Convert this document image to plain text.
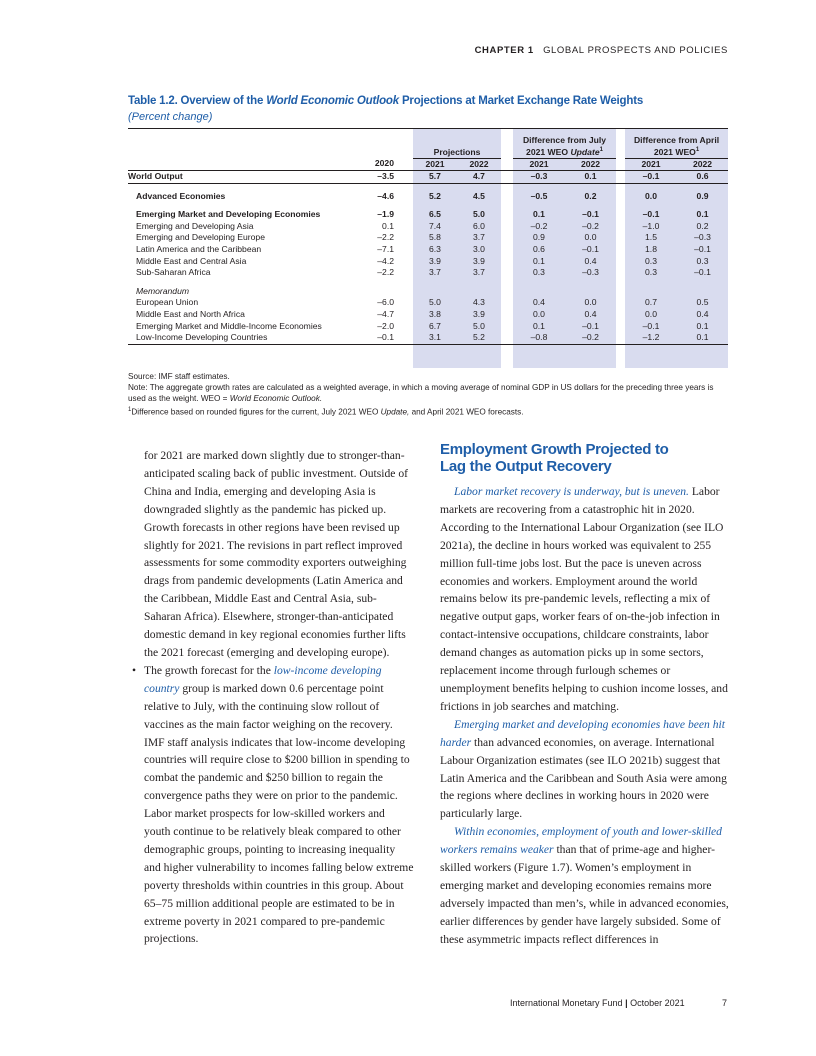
CHAPTER 1 GLOBAL PROSPECTS AND POLICIES
Table 1.2. Overview of the World Economic Outlook Projections at Market Exchange Rate Weights
(Percent change)
			Projections			Difference from July
2021 WEO Update$^1$			Difference from April
2021 WEO$^1$
	2020		2021	2022		2021	2022		2021	2022
World Output	–3.5		5.7	4.7		–0.3	0.1		–0.1	0.6
Advanced Economies	–4.6		5.2	4.5		–0.5	0.2		0.0	0.9
Emerging Market and Developing Economies	–1.9		6.5	5.0		0.1	–0.1		–0.1	0.1
Emerging and Developing Asia	0.1		7.4	6.0		–0.2	–0.2		–1.0	0.2
Emerging and Developing Europe	–2.2		5.8	3.7		0.9	0.0		1.5	–0.3
Latin America and the Caribbean	–7.1		6.3	3.0		0.6	–0.1		1.8	–0.1
Middle East and Central Asia	–4.2		3.9	3.9		0.1	0.4		0.3	0.3
Sub-Saharan Africa	–2.2		3.7	3.7		0.3	–0.3		0.3	–0.1
Memorandum										
European Union	–6.0		5.0	4.3		0.4	0.0		0.7	0.5
Middle East and North Africa	–4.7		3.8	3.9		0.0	0.4		0.0	0.4
Emerging Market and Middle-Income Economies	–2.0		6.7	5.0		0.1	–0.1		–0.1	0.1
Low-Income Developing Countries	–0.1		3.1	5.2		–0.8	–0.2		–1.2	0.1

Source: IMF staff estimates.

Note: The aggregate growth rates are calculated as a weighted average, in which a moving average of nominal GDP in US dollars for the preceding three years is used as the weight. WEO = World Economic Outlook.

$^1$Difference based on rounded figures for the current, July 2021 WEO Update, and April 2021 WEO forecasts.

for 2021 are marked down slightly due to stronger-than-anticipated scaling back of public investment. Outside of China and India, emerging and developing Asia is downgraded slightly as the pandemic has picked up. Growth forecasts in other regions have been revised up slightly for 2021. The revisions in part reflect improved assessments for some commodity exporters outweighing drags from pandemic developments (Latin America and the Caribbean, Middle East and Central Asia, sub-Saharan Africa). Elsewhere, stronger-than-anticipated domestic demand in key regional economies further lifts the 2021 forecast (emerging and developing europe).

• The growth forecast for the low-income developing country group is marked down 0.6 percentage point relative to July, with the continuing slow rollout of vaccines as the main factor weighing on the recovery. IMF staff analysis indicates that low-income developing countries will require close to $200 billion in spending to combat the pandemic and $250 billion to regain the convergence paths they were on prior to the pandemic. Labor market prospects for low-skilled workers and youth continue to be relatively bleak compared to other demographic groups, pointing to increasing inequality and higher vulnerability to incomes falling below extreme poverty thresholds within countries in this group. About 65–75 million additional people are estimated to be in extreme poverty in 2021 compared to pre-pandemic projections.

Employment Growth Projected to
Lag the Output Recovery

Labor market recovery is underway, but is uneven. Labor markets are recovering from a catastrophic hit in 2020. According to the International Labour Organization (see ILO 2021a), the decline in hours worked was equivalent to 255 million full-time jobs lost. But the pace is uneven across economies and workers. Employment around the world remains below its pre-pandemic levels, reflecting a mix of negative output gaps, worker fears of on-the-job infection in contact-intensive occupations, childcare constraints, labor demand changes as automation picks up in some sectors, replacement income through furlough schemes or unemployment benefits helping to cushion income losses, and frictions in job searches and matching.

Emerging market and developing economies have been hit harder than advanced economies, on average. International Labour Organization estimates (see ILO 2021b) suggest that Latin America and the Caribbean and South Asia were among the regions where declines in working hours in 2020 were particularly large.

Within economies, employment of youth and lower-skilled workers remains weaker than that of prime-age and higher-skilled workers (Figure 1.7). Women’s employment in emerging market and developing economies remains more adversely impacted than men’s, while in advanced economies, earlier differences by gender have largely subsided. Some of these asymmetric impacts reflect differences in

International Monetary Fund | October 2021	7
